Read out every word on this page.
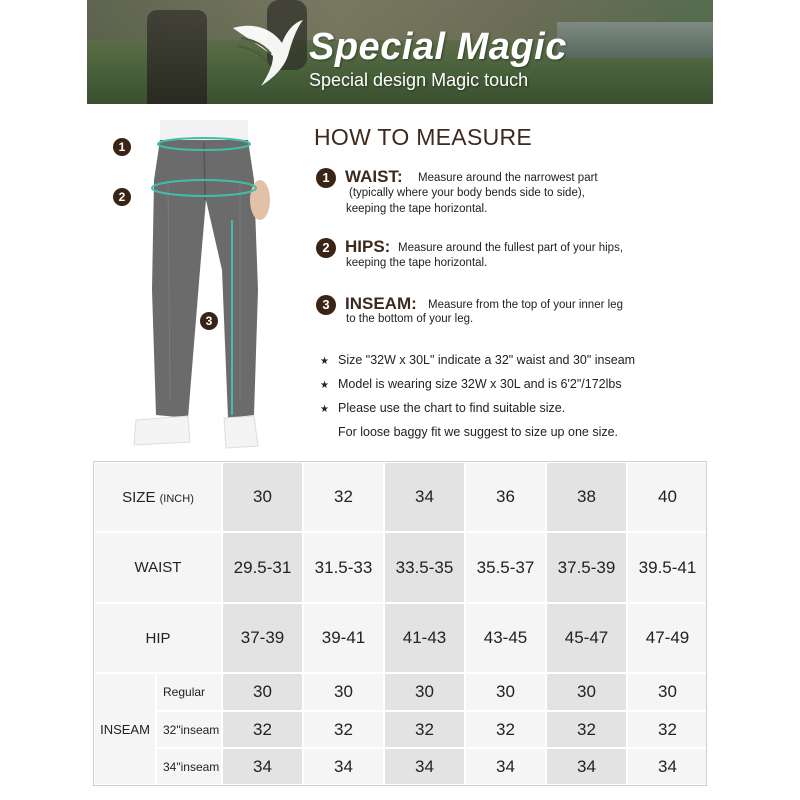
Special Magic
Special design Magic touch
1
2
3
HOW TO MEASURE
1 WAIST: Measure around the narrowest part
(typically where your body bends side to side),
keeping the tape horizontal.
2 HIPS: Measure around the fullest part of your hips,
keeping the tape horizontal.
3 INSEAM: Measure from the top of your inner leg
to the bottom of your leg.
★ Size "32W x 30L" indicate a 32" waist and 30" inseam
★ Model is wearing size 32W x 30L and is 6'2"/172lbs
★ Please use the chart to find suitable size.
For loose baggy fit we suggest to size up one size.
SIZE (INCH)		30	32	34	36	38	40
WAIST		29.5-31	31.5-33	33.5-35	35.5-37	37.5-39	39.5-41
HIP		37-39	39-41	41-43	43-45	45-47	47-49
INSEAM	Regular	30	30	30	30	30	30
	32"inseam	32	32	32	32	32	32
	34"inseam	34	34	34	34	34	34
